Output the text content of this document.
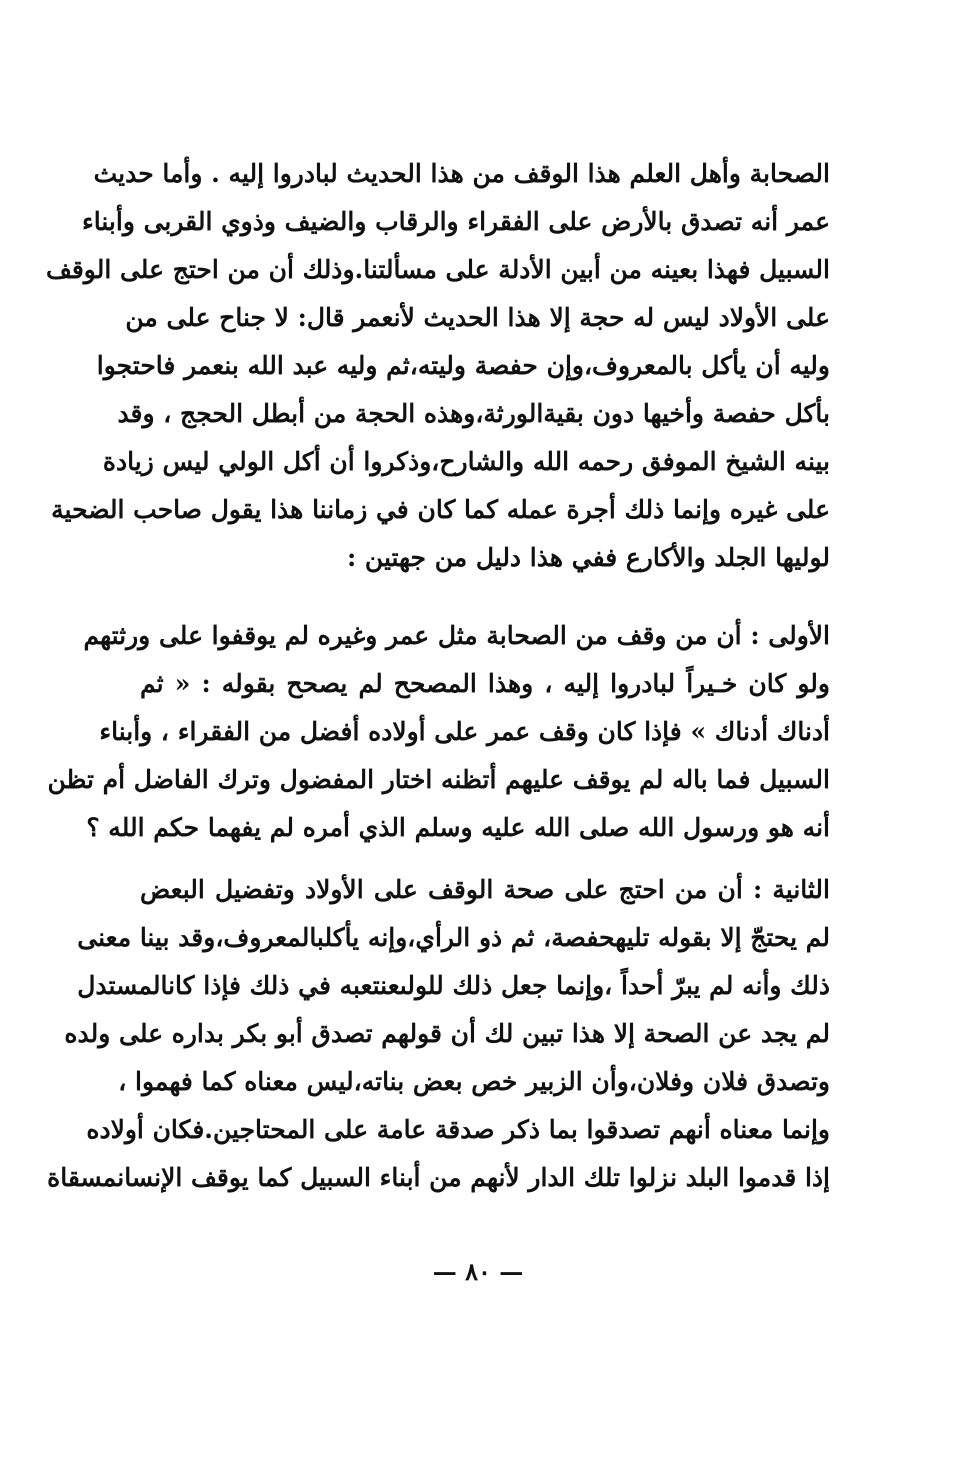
الصحابة وأهل العلم هذا الوقف من هذا الحديث لبادروا إليه . وأما حديث
عمر أنه تصدق بالأرض على الفقراء والرقاب والضيف وذوي القربى وأبناء
السبيل فهذا بعينه من أبين الأدلة على مسألتنا.وذلك أن من احتج على الوقف
على الأولاد ليس له حجة إلا هذا الحديث لأنعمر قال: لا جناح على من
وليه أن يأكل بالمعروف،وإن حفصة وليته،ثم وليه عبد الله بنعمر فاحتجوا
بأكل حفصة وأخيها دون بقيةالورثة،وهذه الحجة من أبطل الحجج ، وقد
بينه الشيخ الموفق رحمه الله والشارح،وذكروا أن أكل الولي ليس زيادة
على غيره وإنما ذلك أجرة عمله كما كان في زماننا هذا يقول صاحب الضحية
لوليها الجلد والأكارع ففي هذا دليل من جهتين :
الأولى : أن من وقف من الصحابة مثل عمر وغيره لم يوقفوا على ورثتهم
ولو كان خـيراً لبادروا إليه ، وهذا المصحح لم يصحح بقوله : « ثم
أدناك أدناك » فإذا كان وقف عمر على أولاده أفضل من الفقراء ، وأبناء
السبيل فما باله لم يوقف عليهم أتظنه اختار المفضول وترك الفاضل أم تظن
أنه هو ورسول الله صلى الله عليه وسلم الذي أمره لم يفهما حكم الله ؟
الثانية : أن من احتج على صحة الوقف على الأولاد وتفضيل البعض
لم يحتجّ إلا بقوله تليهحفصة، ثم ذو الرأي،وإنه يأكلبالمعروف،وقد بينا معنى
ذلك وأنه لم يبرّ أحداً ،وإنما جعل ذلك للولىعنتعبه في ذلك فإذا كانالمستدل
لم يجد عن الصحة إلا هذا تبين لك أن قولهم تصدق أبو بكر بداره على ولده
وتصدق فلان وفلان،وأن الزبير خص بعض بناته،ليس معناه كما فهموا ،
وإنما معناه أنهم تصدقوا بما ذكر صدقة عامة على المحتاجين.فكان أولاده
إذا قدموا البلد نزلوا تلك الدار لأنهم من أبناء السبيل كما يوقف الإنسانمسقاة
— ٨٠ —
